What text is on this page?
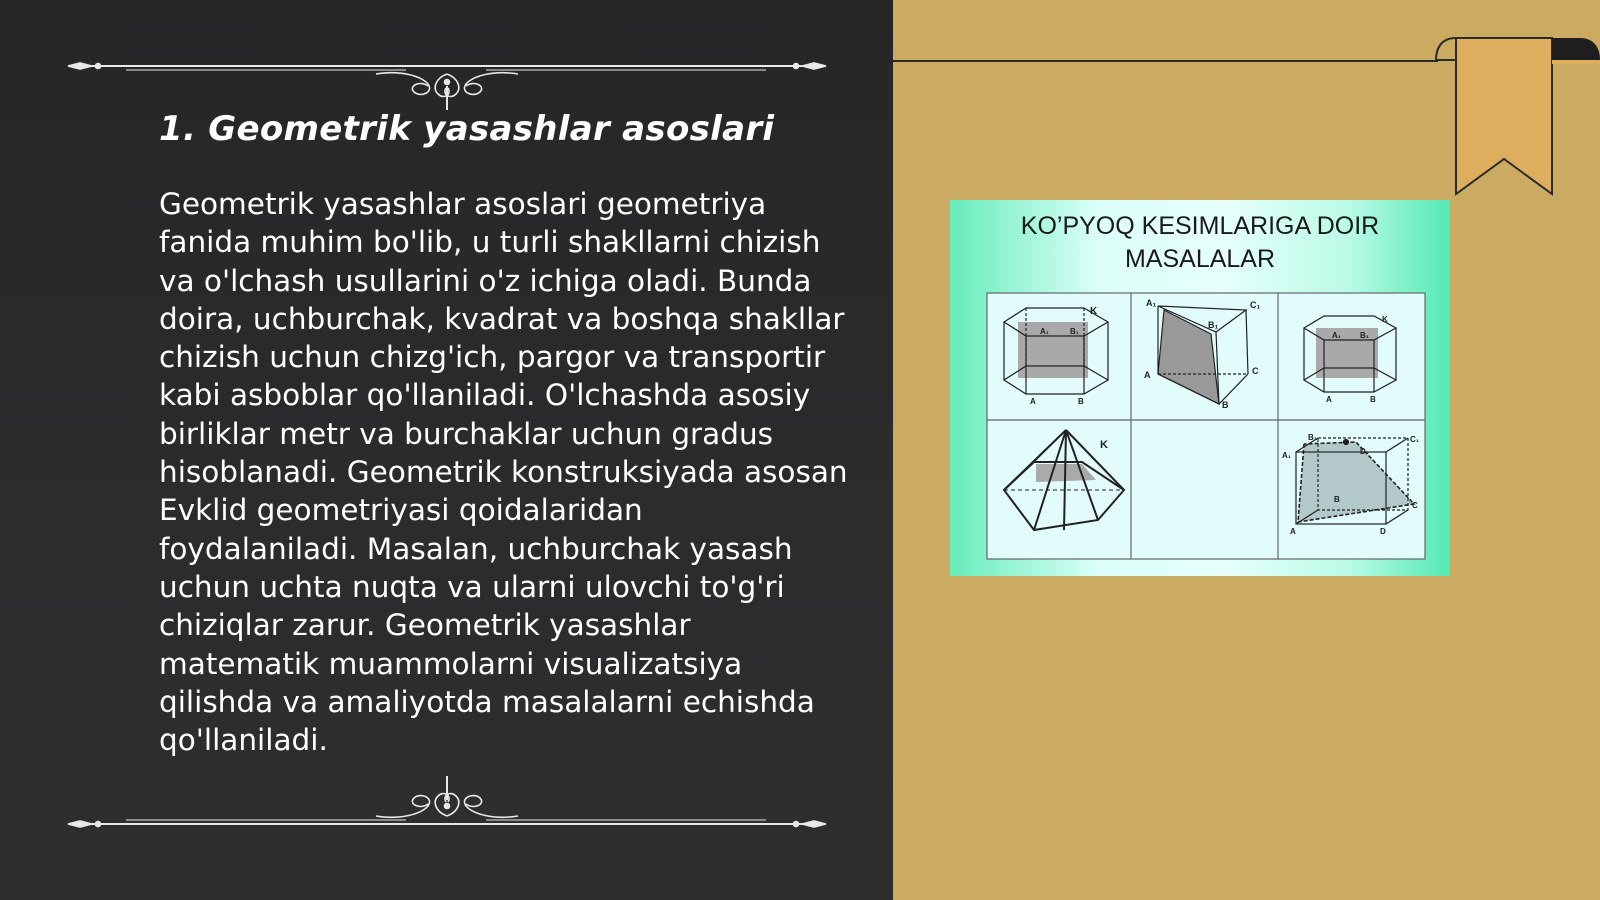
1. Geometrik yasashlar asoslari

Geometrik yasashlar asoslari geometriya fanida muhim bo'lib, u turli shakllarni chizish va o'lchash usullarini o'z ichiga oladi. Bunda doira, uchburchak, kvadrat va boshqa shakllar chizish uchun chizg'ich, pargor va transportir kabi asboblar qo'llaniladi. O'lchashda asosiy birliklar metr va burchaklar uchun gradus hisoblanadi. Geometrik konstruksiyada asosan Evklid geometriyasi qoidalaridan foydalaniladi. Masalan, uchburchak yasash uchun uchta nuqta va ularni ulovchi to'g'ri chiziqlar zarur. Geometrik yasashlar matematik muammolarni visualizatsiya qilishda va amaliyotda masalalarni echishda qo'llaniladi.

KO’PYOQ KESIMLARIGA DOIR
MASALALAR
K
A₁	B₁
A	B
A₁	C₁
B₁
A	C
B
K
A₁ B₁
A	B
K
B₁
A₁	D₁
C₁
B
C
A	D
